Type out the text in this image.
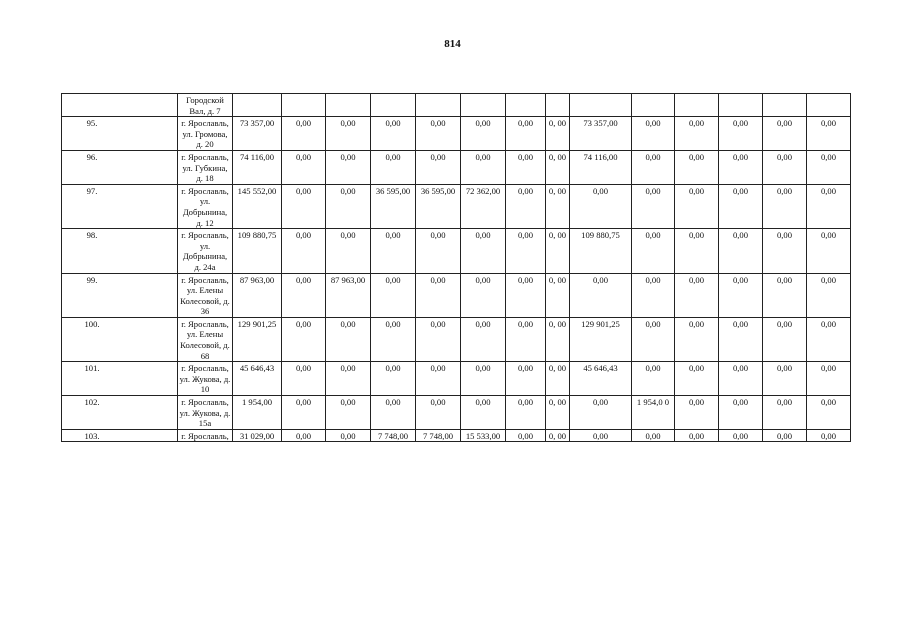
814
	Городской Вал, д. 7														
95.	г. Ярославль, ул. Громова, д. 20	73 357,00	0,00	0,00	0,00	0,00	0,00	0,00	0, 00	73 357,00	0,00	0,00	0,00	0,00	0,00
96.	г. Ярославль, ул. Губкина, д. 18	74 116,00	0,00	0,00	0,00	0,00	0,00	0,00	0, 00	74 116,00	0,00	0,00	0,00	0,00	0,00
97.	г. Ярославль, ул. Добрынина, д. 12	145 552,00	0,00	0,00	36 595,00	36 595,00	72 362,00	0,00	0, 00	0,00	0,00	0,00	0,00	0,00	0,00
98.	г. Ярославль, ул. Добрынина, д. 24а	109 880,75	0,00	0,00	0,00	0,00	0,00	0,00	0, 00	109 880,75	0,00	0,00	0,00	0,00	0,00
99.	г. Ярославль, ул. Елены Колесовой, д. 36	87 963,00	0,00	87 963,00	0,00	0,00	0,00	0,00	0, 00	0,00	0,00	0,00	0,00	0,00	0,00
100.	г. Ярославль, ул. Елены Колесовой, д. 68	129 901,25	0,00	0,00	0,00	0,00	0,00	0,00	0, 00	129 901,25	0,00	0,00	0,00	0,00	0,00
101.	г. Ярославль, ул. Жукова, д. 10	45 646,43	0,00	0,00	0,00	0,00	0,00	0,00	0, 00	45 646,43	0,00	0,00	0,00	0,00	0,00
102.	г. Ярославль, ул. Жукова, д. 15а	1 954,00	0,00	0,00	0,00	0,00	0,00	0,00	0, 00	0,00	1 954,0 0	0,00	0,00	0,00	0,00
103.	г. Ярославль,	31 029,00	0,00	0,00	7 748,00	7 748,00	15 533,00	0,00	0, 00	0,00	0,00	0,00	0,00	0,00	0,00
